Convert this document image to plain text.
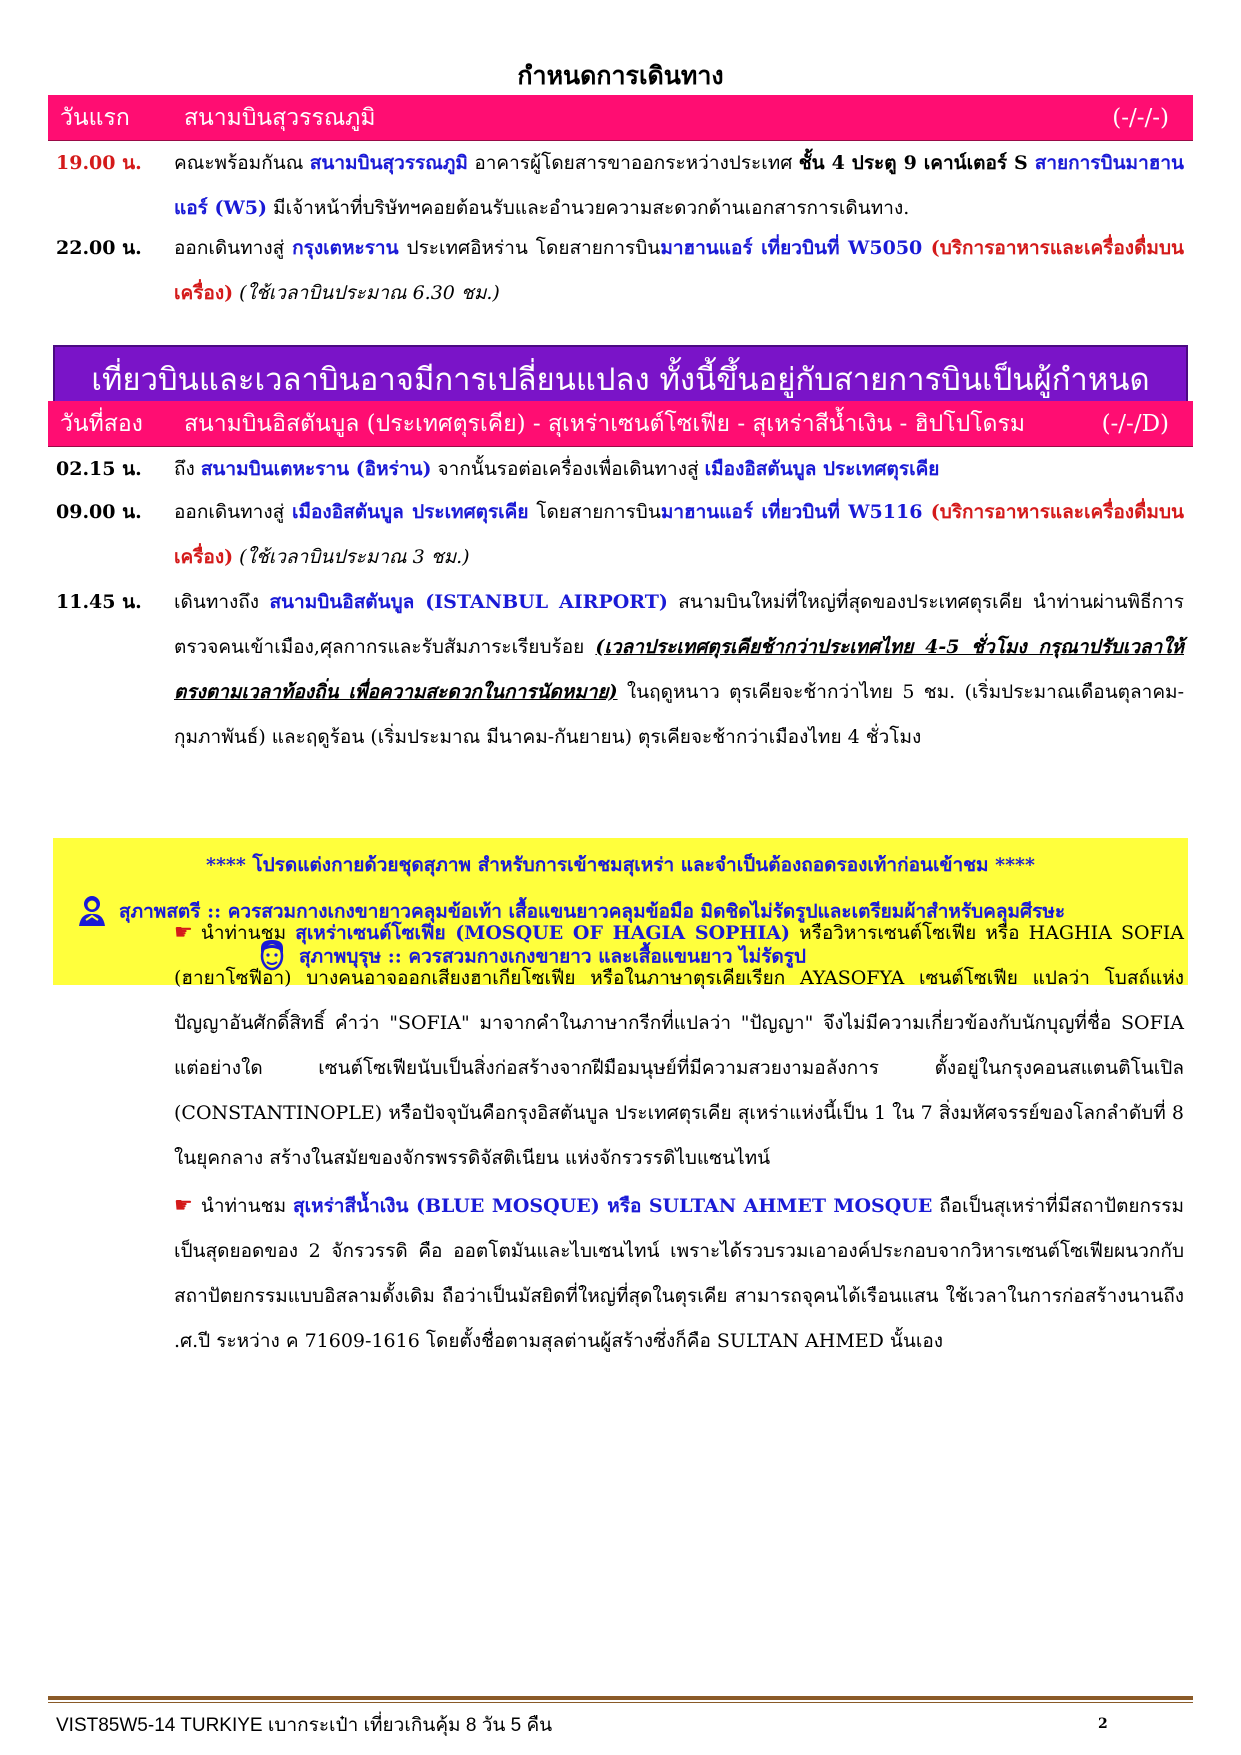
กำหนดการเดินทาง
วันแรก	สนามบินสุวรรณภูมิ	(-/-/-)
19.00 น.	คณะพร้อมกันณ สนามบินสุวรรณภูมิ อาคารผู้โดยสารขาออกระหว่างประเทศ ชั้น 4 ประตู 9 เคาน์เตอร์ S สายการบินมาฮานแอร์ (W5) มีเจ้าหน้าที่บริษัทฯคอยต้อนรับและอำนวยความสะดวกด้านเอกสารการเดินทาง.
22.00 น.	ออกเดินทางสู่ กรุงเตหะราน ประเทศอิหร่าน โดยสายการบินมาฮานแอร์ เที่ยวบินที่ W5050 (บริการอาหารและเครื่องดื่มบนเครื่อง) (ใช้เวลาบินประมาณ 6.30 ชม.)
เที่ยวบินและเวลาบินอาจมีการเปลี่ยนแปลง ทั้งนี้ขึ้นอยู่กับสายการบินเป็นผู้กำหนด
วันที่สอง	สนามบินอิสตันบูล (ประเทศตุรเคีย) - สุเหร่าเซนต์โซเฟีย - สุเหร่าสีน้ำเงิน - ฮิปโปโดรม	(-/-/D)
02.15 น.	ถึง สนามบินเตหะราน (อิหร่าน) จากนั้นรอต่อเครื่องเพื่อเดินทางสู่ เมืองอิสตันบูล ประเทศตุรเคีย
09.00 น.	ออกเดินทางสู่ เมืองอิสตันบูล ประเทศตุรเคีย โดยสายการบินมาฮานแอร์ เที่ยวบินที่ W5116 (บริการอาหารและเครื่องดื่มบนเครื่อง) (ใช้เวลาบินประมาณ 3 ชม.)
11.45 น.	เดินทางถึง สนามบินอิสตันบูล (ISTANBUL AIRPORT) สนามบินใหม่ที่ใหญ่ที่สุดของประเทศตุรเคีย นำท่านผ่านพิธีการตรวจคนเข้าเมือง,ศุลกากรและรับสัมภาระเรียบร้อย (เวลาประเทศตุรเคียช้ากว่าประเทศไทย 4-5 ชั่วโมง กรุณาปรับเวลาให้ตรงตามเวลาท้องถิ่น เพื่อความสะดวกในการนัดหมาย) ในฤดูหนาว ตุรเคียจะช้ากว่าไทย 5 ชม. (เริ่มประมาณเดือนตุลาคม-กุมภาพันธ์) และฤดูร้อน (เริ่มประมาณ มีนาคม-กันยายน) ตุรเคียจะช้ากว่าเมืองไทย 4 ชั่วโมง
**** โปรดแต่งกายด้วยชุดสุภาพ สำหรับการเข้าชมสุเหร่า และจำเป็นต้องถอดรองเท้าก่อนเข้าชม ****
สุภาพสตรี :: ควรสวมกางเกงขายาวคลุมข้อเท้า เสื้อแขนยาวคลุมข้อมือ มิดชิดไม่รัดรูปและเตรียมผ้าสำหรับคลุมศีรษะ
สุภาพบุรุษ :: ควรสวมกางเกงขายาว และเสื้อแขนยาว ไม่รัดรูป

☛ นำท่านชม สุเหร่าเซนต์โซเฟีย (MOSQUE OF HAGIA SOPHIA) หรือวิหารเซนต์โซเฟีย หรือ HAGHIA SOFIA (ฮายาโซฟีอา) บางคนอาจออกเสียงฮาเกียโซเฟีย หรือในภาษาตุรเคียเรียก AYASOFYA เซนต์โซเฟีย แปลว่า โบสถ์แห่งปัญญาอันศักดิ์สิทธิ์ คำว่า "SOFIA" มาจากคำในภาษากรีกที่แปลว่า "ปัญญา" จึงไม่มีความเกี่ยวข้องกับนักบุญที่ชื่อ SOFIA แต่อย่างใด เซนต์โซเฟียนับเป็นสิ่งก่อสร้างจากฝีมือมนุษย์ที่มีความสวยงามอลังการ ตั้งอยู่ในกรุงคอนสแตนติโนเปิล (CONSTANTINOPLE) หรือปัจจุบันคือกรุงอิสตันบูล ประเทศตุรเคีย สุเหร่าแห่งนี้เป็น 1 ใน 7 สิ่งมหัศจรรย์ของโลกลำดับที่ 8 ในยุคกลาง สร้างในสมัยของจักรพรรดิจัสติเนียน แห่งจักรวรรดิไบแซนไทน์

☛ นำท่านชม สุเหร่าสีน้ำเงิน (BLUE MOSQUE) หรือ SULTAN AHMET MOSQUE ถือเป็นสุเหร่าที่มีสถาปัตยกรรมเป็นสุดยอดของ 2 จักรวรรดิ คือ ออตโตมันและไบเซนไทน์ เพราะได้รวบรวมเอาองค์ประกอบจากวิหารเซนต์โซเฟียผนวกกับสถาปัตยกรรมแบบอิสลามดั้งเดิม ถือว่าเป็นมัสยิดที่ใหญ่ที่สุดในตุรเคีย สามารถจุคนได้เรือนแสน ใช้เวลาในการก่อสร้างนานถึง .ศ.ปี ระหว่าง ค 71609-1616 โดยตั้งชื่อตามสุลต่านผู้สร้างซึ่งก็คือ SULTAN AHMED นั้นเอง

VIST85W5-14 TURKIYE เบากระเป๋า เที่ยวเกินคุ้ม 8 วัน 5 คืน	2
